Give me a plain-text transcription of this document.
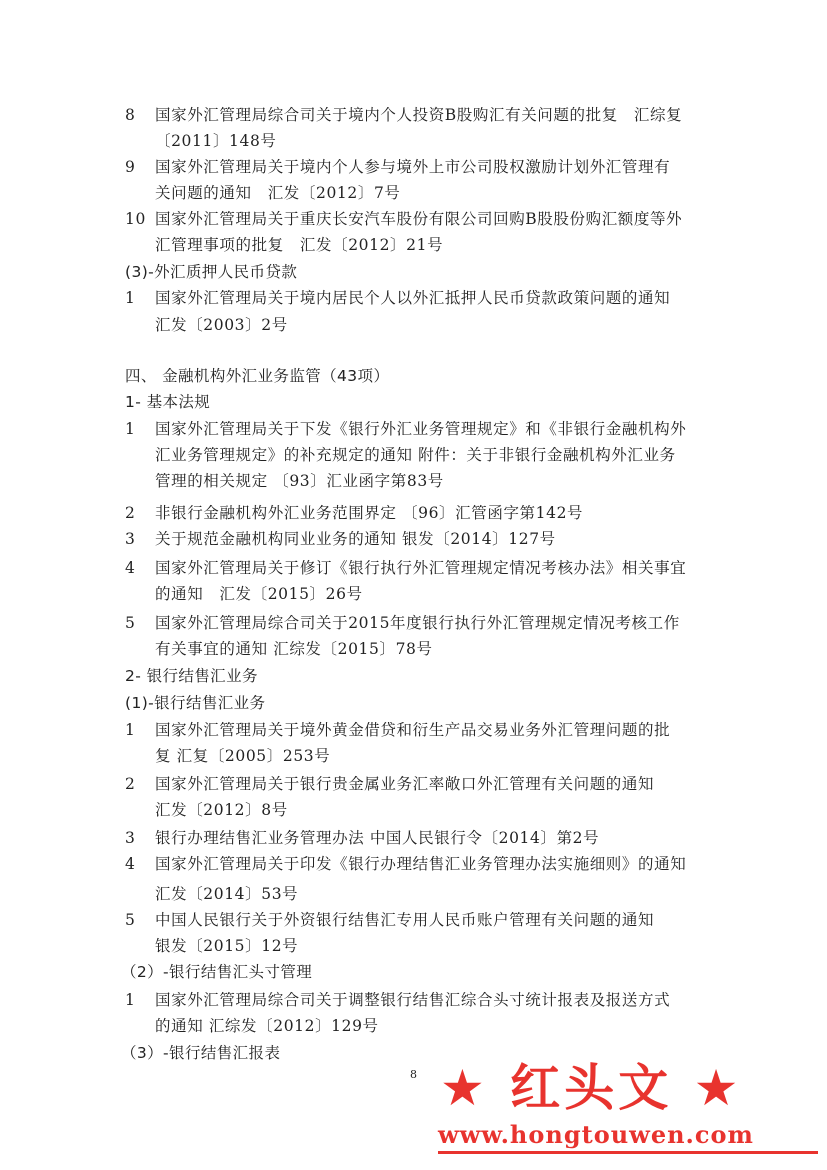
8 国家外汇管理局综合司关于境内个人投资B股购汇有关问题的批复　汇综复
〔2011〕148号
9 国家外汇管理局关于境内个人参与境外上市公司股权激励计划外汇管理有
关问题的通知　汇发〔2012〕7号
10 国家外汇管理局关于重庆长安汽车股份有限公司回购B股股份购汇额度等外
汇管理事项的批复　汇发〔2012〕21号
(3)-外汇质押人民币贷款
1 国家外汇管理局关于境内居民个人以外汇抵押人民币贷款政策问题的通知
汇发〔2003〕2号
四、 金融机构外汇业务监管（43项）
1- 基本法规
1 国家外汇管理局关于下发《银行外汇业务管理规定》和《非银行金融机构外
汇业务管理规定》的补充规定的通知 附件：关于非银行金融机构外汇业务
管理的相关规定 〔93〕汇业函字第83号
2 非银行金融机构外汇业务范围界定 〔96〕汇管函字第142号
3 关于规范金融机构同业业务的通知 银发〔2014〕127号
4 国家外汇管理局关于修订《银行执行外汇管理规定情况考核办法》相关事宜
的通知　汇发〔2015〕26号
5 国家外汇管理局综合司关于2015年度银行执行外汇管理规定情况考核工作
有关事宜的通知 汇综发〔2015〕78号
2- 银行结售汇业务
(1)-银行结售汇业务
1 国家外汇管理局关于境外黄金借贷和衍生产品交易业务外汇管理问题的批
复 汇复〔2005〕253号
2 国家外汇管理局关于银行贵金属业务汇率敞口外汇管理有关问题的通知
汇发〔2012〕8号
3 银行办理结售汇业务管理办法 中国人民银行令〔2014〕第2号
4 国家外汇管理局关于印发《银行办理结售汇业务管理办法实施细则》的通知
汇发〔2014〕53号
5 中国人民银行关于外资银行结售汇专用人民币账户管理有关问题的通知
银发〔2015〕12号
（2）-银行结售汇头寸管理
1 国家外汇管理局综合司关于调整银行结售汇综合头寸统计报表及报送方式
的通知 汇综发〔2012〕129号
（3）-银行结售汇报表
8 ★ 红头文 ★
www.hongtouwen.com
